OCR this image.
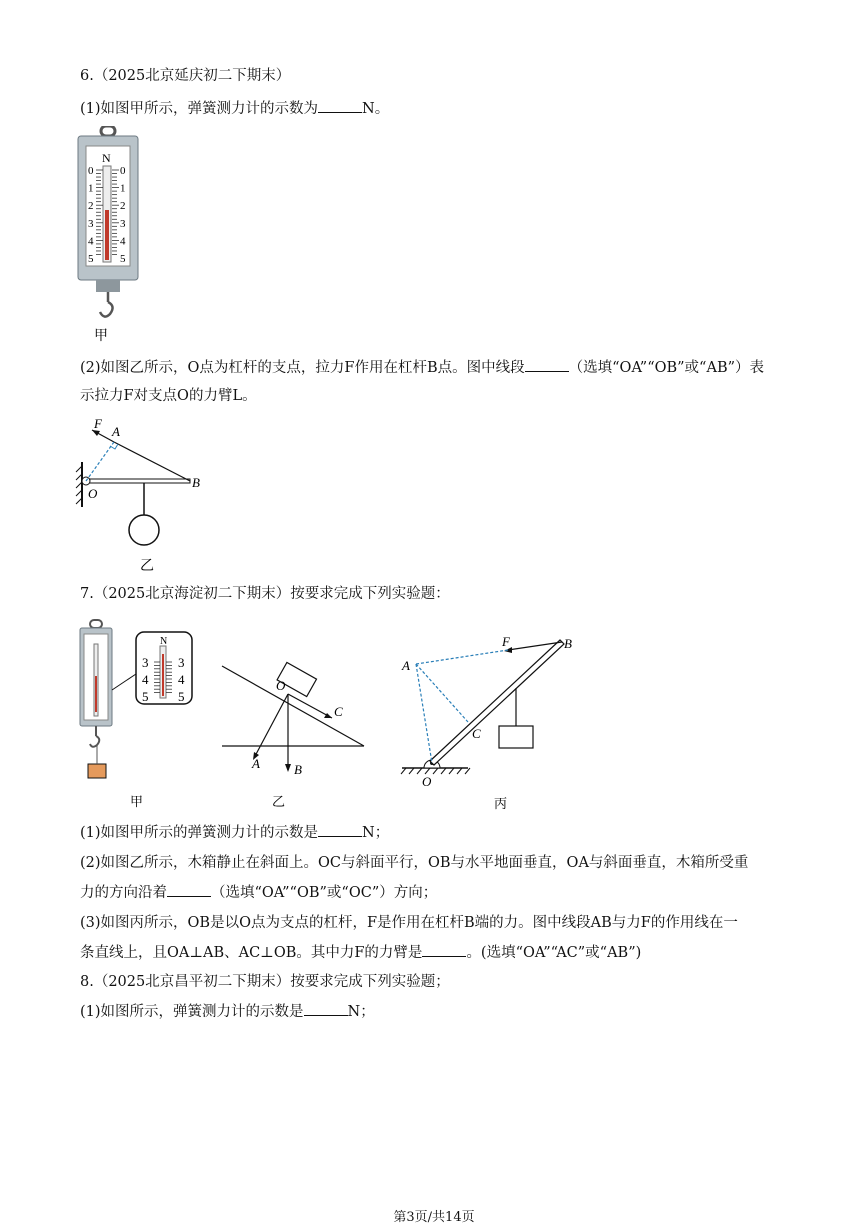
6.（2025北京延庆初二下期末）
(1)如图甲所示，弹簧测力计的示数为	N。
0 0
1 1
2 2
3 3
4 4
5 5
N
甲
(2)如图乙所示，O点为杠杆的支点，拉力F作用在杠杆B点。图中线段	（选填“OA”“OB”或“AB”）表
示拉力F对支点O的力臂L。
F
A
O
B
乙
7.（2025北京海淀初二下期末）按要求完成下列实验题：
3 3
4 4
5 5
N
甲
O
C
B
A
乙
F	B
A
C
O
丙
(1)如图甲所示的弹簧测力计的示数是	N；
(2)如图乙所示，木箱静止在斜面上。OC与斜面平行，OB与水平地面垂直，OA与斜面垂直，木箱所受重
力的方向沿着	（选填“OA”“OB”或“OC”）方向；
(3)如图丙所示，OB是以O点为支点的杠杆，F是作用在杠杆B端的力。图中线段AB与力F的作用线在一
条直线上，且OA⊥AB、AC⊥OB。其中力F的力臂是	。(选填“OA”“AC”或“AB”)
8.（2025北京昌平初二下期末）按要求完成下列实验题；
(1)如图所示，弹簧测力计的示数是	N；
第3页/共14页
